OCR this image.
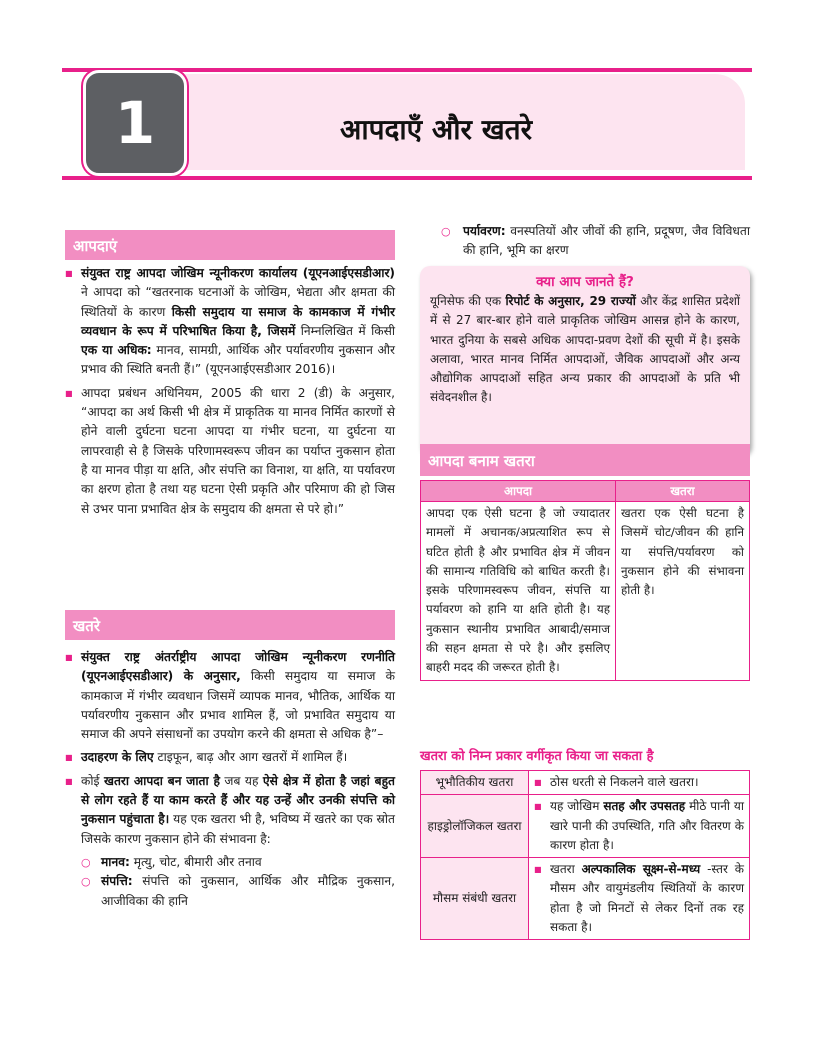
1	आपदाएँ और खतरे
आपदाएं
■ संयुक्त राष्ट्र आपदा जोखिम न्यूनीकरण कार्यालय (यूएनआईएसडीआर) ने आपदा को “खतरनाक घटनाओं के जोखिम, भेद्यता और क्षमता की स्थितियों के कारण किसी समुदाय या समाज के कामकाज में गंभीर व्यवधान के रूप में परिभाषित किया है, जिसमें निम्नलिखित में किसी एक या अधिक: मानव, सामग्री, आर्थिक और पर्यावरणीय नुकसान और प्रभाव की स्थिति बनती हैं।” (यूएनआईएसडीआर 2016)।
■ आपदा प्रबंधन अधिनियम, 2005 की धारा 2 (डी) के अनुसार, “आपदा का अर्थ किसी भी क्षेत्र में प्राकृतिक या मानव निर्मित कारणों से होने वाली दुर्घटना घटना आपदा या गंभीर घटना, या दुर्घटना या लापरवाही से है जिसके परिणामस्वरूप जीवन का पर्याप्त नुकसान होता है या मानव पीड़ा या क्षति, और संपत्ति का विनाश, या क्षति, या पर्यावरण का क्षरण होता है तथा यह घटना ऐसी प्रकृति और परिमाण की हो जिस से उभर पाना प्रभावित क्षेत्र के समुदाय की क्षमता से परे हो।”
खतरे
■ संयुक्त राष्ट्र अंतर्राष्ट्रीय आपदा जोखिम न्यूनीकरण रणनीति (यूएनआईएसडीआर) के अनुसार, किसी समुदाय या समाज के कामकाज में गंभीर व्यवधान जिसमें व्यापक मानव, भौतिक, आर्थिक या पर्यावरणीय नुकसान और प्रभाव शामिल हैं, जो प्रभावित समुदाय या समाज की अपने संसाधनों का उपयोग करने की क्षमता से अधिक है”–
■ उदाहरण के लिए टाइफून, बाढ़ और आग खतरों में शामिल हैं।
■ कोई खतरा आपदा बन जाता है जब यह ऐसे क्षेत्र में होता है जहां बहुत से लोग रहते हैं या काम करते हैं और यह उन्हें और उनकी संपत्ति को नुकसान पहुंचाता है। यह एक खतरा भी है, भविष्य में खतरे का एक स्रोत जिसके कारण नुकसान होने की संभावना है:
○ मानव: मृत्यु, चोट, बीमारी और तनाव
○ संपत्ति: संपत्ति को नुकसान, आर्थिक और मौद्रिक नुकसान, आजीविका की हानि
○ पर्यावरण: वनस्पतियों और जीवों की हानि, प्रदूषण, जैव विविधता की हानि, भूमि का क्षरण
क्या आप जानते हैं?
यूनिसेफ की एक रिपोर्ट के अनुसार, 29 राज्यों और केंद्र शासित प्रदेशों में से 27 बार-बार होने वाले प्राकृतिक जोखिम आसन्न होने के कारण, भारत दुनिया के सबसे अधिक आपदा-प्रवण देशों की सूची में है। इसके अलावा, भारत मानव निर्मित आपदाओं, जैविक आपदाओं और अन्य औद्योगिक आपदाओं सहित अन्य प्रकार की आपदाओं के प्रति भी संवेदनशील है।
आपदा बनाम खतरा
आपदा	खतरा
आपदा एक ऐसी घटना है जो ज्यादातर मामलों में अचानक/अप्रत्याशित रूप से घटित होती है और प्रभावित क्षेत्र में जीवन की सामान्य गतिविधि को बाधित करती है। इसके परिणामस्वरूप जीवन, संपत्ति या पर्यावरण को हानि या क्षति होती है। यह नुकसान स्थानीय प्रभावित आबादी/समाज की सहन क्षमता से परे है। और इसलिए बाहरी मदद की जरूरत होती है।	खतरा एक ऐसी घटना है जिसमें चोट/जीवन की हानि या संपत्ति/पर्यावरण को नुकसान होने की संभावना होती है।
खतरा को निम्न प्रकार वर्गीकृत किया जा सकता है
भूभौतिकीय खतरा	■ ठोस धरती से निकलने वाले खतरा।

हाइड्रोलॉजिकल खतरा	■ यह जोखिम सतह और उपसतह मीठे पानी या खारे पानी की उपस्थिति, गति और वितरण के कारण होता है।

मौसम संबंधी खतरा	■ खतरा अल्पकालिक सूक्ष्म-से-मध्य -स्तर के मौसम और वायुमंडलीय स्थितियों के कारण होता है जो मिनटों से लेकर दिनों तक रह सकता है।
